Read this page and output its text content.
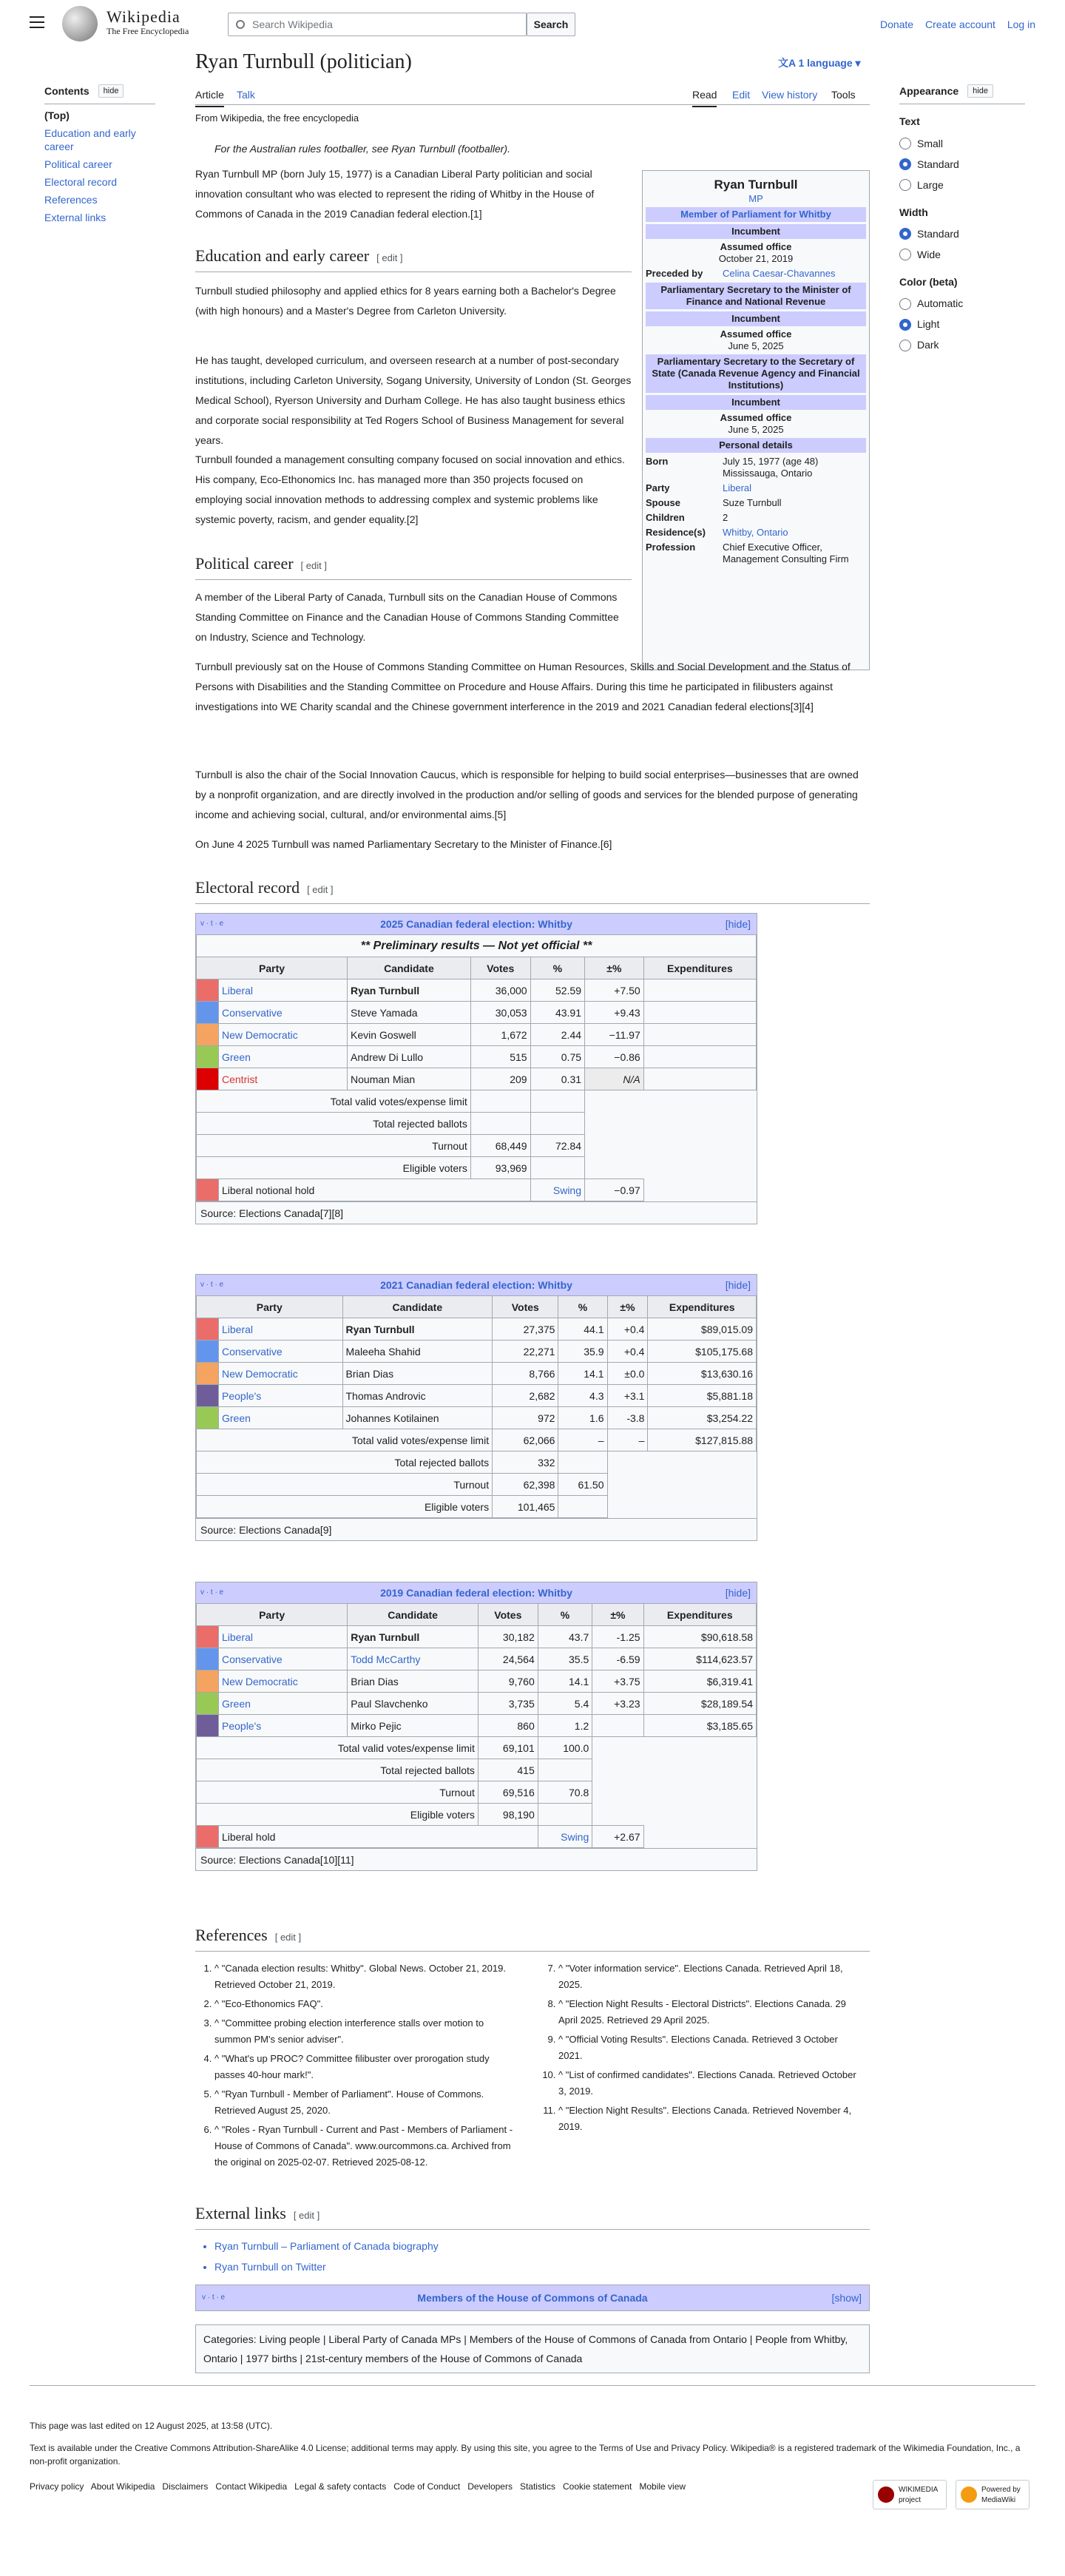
Wikipedia
The Free Encyclopedia
Search Wikipedia
Search	Donate Create account Log in
Contents	hide
(Top)
Education and early career
Political career
Electoral record
References
External links
Appearance	hide
Text
Small
Standard
Large
Width
Standard
Wide
Color (beta)
Automatic
Light
Dark
Ryan Turnbull (politician)	文A 1 language ▾
Article Talk	Read Edit View history Tools
From Wikipedia, the free encyclopedia
For the Australian rules footballer, see Ryan Turnbull (footballer).
Ryan Turnbull MP (born July 15, 1977) is a Canadian Liberal Party politician and social innovation consultant who was elected to represent the riding of Whitby in the House of Commons of Canada in the 2019 Canadian federal election.[1]
Ryan Turnbull
MP
Member of Parliament for Whitby
Incumbent
Assumed office
October 21, 2019
Preceded by	Celina Caesar-Chavannes
Parliamentary Secretary to the Minister of Finance and National Revenue
Incumbent
Assumed office
June 5, 2025
Parliamentary Secretary to the Secretary of State (Canada Revenue Agency and Financial Institutions)
Incumbent
Assumed office
June 5, 2025
Personal details
Born	July 15, 1977 (age 48) Mississauga, Ontario
Party	Liberal
Spouse	Suze Turnbull
Children	2
Residence(s)	Whitby, Ontario
Profession	Chief Executive Officer, Management Consulting Firm
Education and early career [ edit ]
Turnbull studied philosophy and applied ethics for 8 years earning both a Bachelor's Degree (with high honours) and a Master's Degree from Carleton University.
He has taught, developed curriculum, and overseen research at a number of post-secondary institutions, including Carleton University, Sogang University, University of London (St. Georges Medical School), Ryerson University and Durham College. He has also taught business ethics and corporate social responsibility at Ted Rogers School of Business Management for several years.
Turnbull founded a management consulting company focused on social innovation and ethics. His company, Eco-Ethonomics Inc. has managed more than 350 projects focused on employing social innovation methods to addressing complex and systemic problems like systemic poverty, racism, and gender equality.[2]
Political career [ edit ]
A member of the Liberal Party of Canada, Turnbull sits on the Canadian House of Commons Standing Committee on Finance and the Canadian House of Commons Standing Committee on Industry, Science and Technology.
Turnbull previously sat on the House of Commons Standing Committee on Human Resources, Skills and Social Development and the Status of Persons with Disabilities and the Standing Committee on Procedure and House Affairs. During this time he participated in filibusters against investigations into WE Charity scandal and the Chinese government interference in the 2019 and 2021 Canadian federal elections[3][4]
Turnbull is also the chair of the Social Innovation Caucus, which is responsible for helping to build social enterprises—businesses that are owned by a nonprofit organization, and are directly involved in the production and/or selling of goods and services for the blended purpose of generating income and achieving social, cultural, and/or environmental aims.[5]
On June 4 2025 Turnbull was named Parliamentary Secretary to the Minister of Finance.[6]
Electoral record [ edit ]
v · t · e	2025 Canadian federal election: Whitby	[hide]
** Preliminary results — Not yet official **						
Party		Candidate	Votes	%	±%	Expenditures
	Liberal	Ryan Turnbull	36,000	52.59	+7.50	
	Conservative	Steve Yamada	30,053	43.91	+9.43	
	New Democratic	Kevin Goswell	1,672	2.44	−11.97	
	Green	Andrew Di Lullo	515	0.75	−0.86	
	Centrist	Nouman Mian	209	0.31	N/A	
Total valid votes/expense limit						
Total rejected ballots						
Turnout			68,449	72.84		
Eligible voters			93,969			
	Liberal notional hold			Swing	−0.97	
Source: Elections Canada[7][8]
v · t · e	2021 Canadian federal election: Whitby	[hide]
Party		Candidate	Votes	%	±%	Expenditures
	Liberal	Ryan Turnbull	27,375	44.1	+0.4	$89,015.09
	Conservative	Maleeha Shahid	22,271	35.9	+0.4	$105,175.68
	New Democratic	Brian Dias	8,766	14.1	±0.0	$13,630.16
	People's	Thomas Androvic	2,682	4.3	+3.1	$5,881.18
	Green	Johannes Kotilainen	972	1.6	-3.8	$3,254.22
Total valid votes/expense limit			62,066	–	–	$127,815.88
Total rejected ballots			332			
Turnout			62,398	61.50		
Eligible voters			101,465			
Source: Elections Canada[9]
v · t · e	2019 Canadian federal election: Whitby	[hide]
Party		Candidate	Votes	%	±%	Expenditures
	Liberal	Ryan Turnbull	30,182	43.7	-1.25	$90,618.58
	Conservative	Todd McCarthy	24,564	35.5	-6.59	$114,623.57
	New Democratic	Brian Dias	9,760	14.1	+3.75	$6,319.41
	Green	Paul Slavchenko	3,735	5.4	+3.23	$28,189.54
	People's	Mirko Pejic	860	1.2		$3,185.65
Total valid votes/expense limit			69,101	100.0		
Total rejected ballots			415			
Turnout			69,516	70.8		
Eligible voters			98,190			
	Liberal hold			Swing	+2.67	
Source: Elections Canada[10][11]
References [ edit ]
1. ^ "Canada election results: Whitby". Global News. October 21, 2019. Retrieved October 21, 2019.
2. ^ "Eco-Ethonomics FAQ".
3. ^ "Committee probing election interference stalls over motion to summon PM's senior adviser".
4. ^ "What's up PROC? Committee filibuster over prorogation study passes 40-hour mark!".
5. ^ "Ryan Turnbull - Member of Parliament". House of Commons. Retrieved August 25, 2020.
6. ^ "Roles - Ryan Turnbull - Current and Past - Members of Parliament - House of Commons of Canada". www.ourcommons.ca. Archived from the original on 2025-02-07. Retrieved 2025-08-12.
7. ^ "Voter information service". Elections Canada. Retrieved April 18, 2025.
8. ^ "Election Night Results - Electoral Districts". Elections Canada. 29 April 2025. Retrieved 29 April 2025.
9. ^ "Official Voting Results". Elections Canada. Retrieved 3 October 2021.
10. ^ "List of confirmed candidates". Elections Canada. Retrieved October 3, 2019.
11. ^ "Election Night Results". Elections Canada. Retrieved November 4, 2019.
External links [ edit ]
• Ryan Turnbull – Parliament of Canada biography
• Ryan Turnbull on Twitter
v · t · e	Members of the House of Commons of Canada	[show]
Categories: Living people | Liberal Party of Canada MPs | Members of the House of Commons of Canada from Ontario | People from Whitby, Ontario | 1977 births | 21st-century members of the House of Commons of Canada
This page was last edited on 12 August 2025, at 13:58 (UTC).
Text is available under the Creative Commons Attribution-ShareAlike 4.0 License; additional terms may apply. By using this site, you agree to the Terms of Use and Privacy Policy. Wikipedia® is a registered trademark of the Wikimedia Foundation, Inc., a non-profit organization.
Privacy policy   About Wikipedia   Disclaimers   Contact Wikipedia   Legal & safety contacts   Code of Conduct   Developers   Statistics   Cookie statement   Mobile view	WIKIMEDIA project
Powered by MediaWiki
